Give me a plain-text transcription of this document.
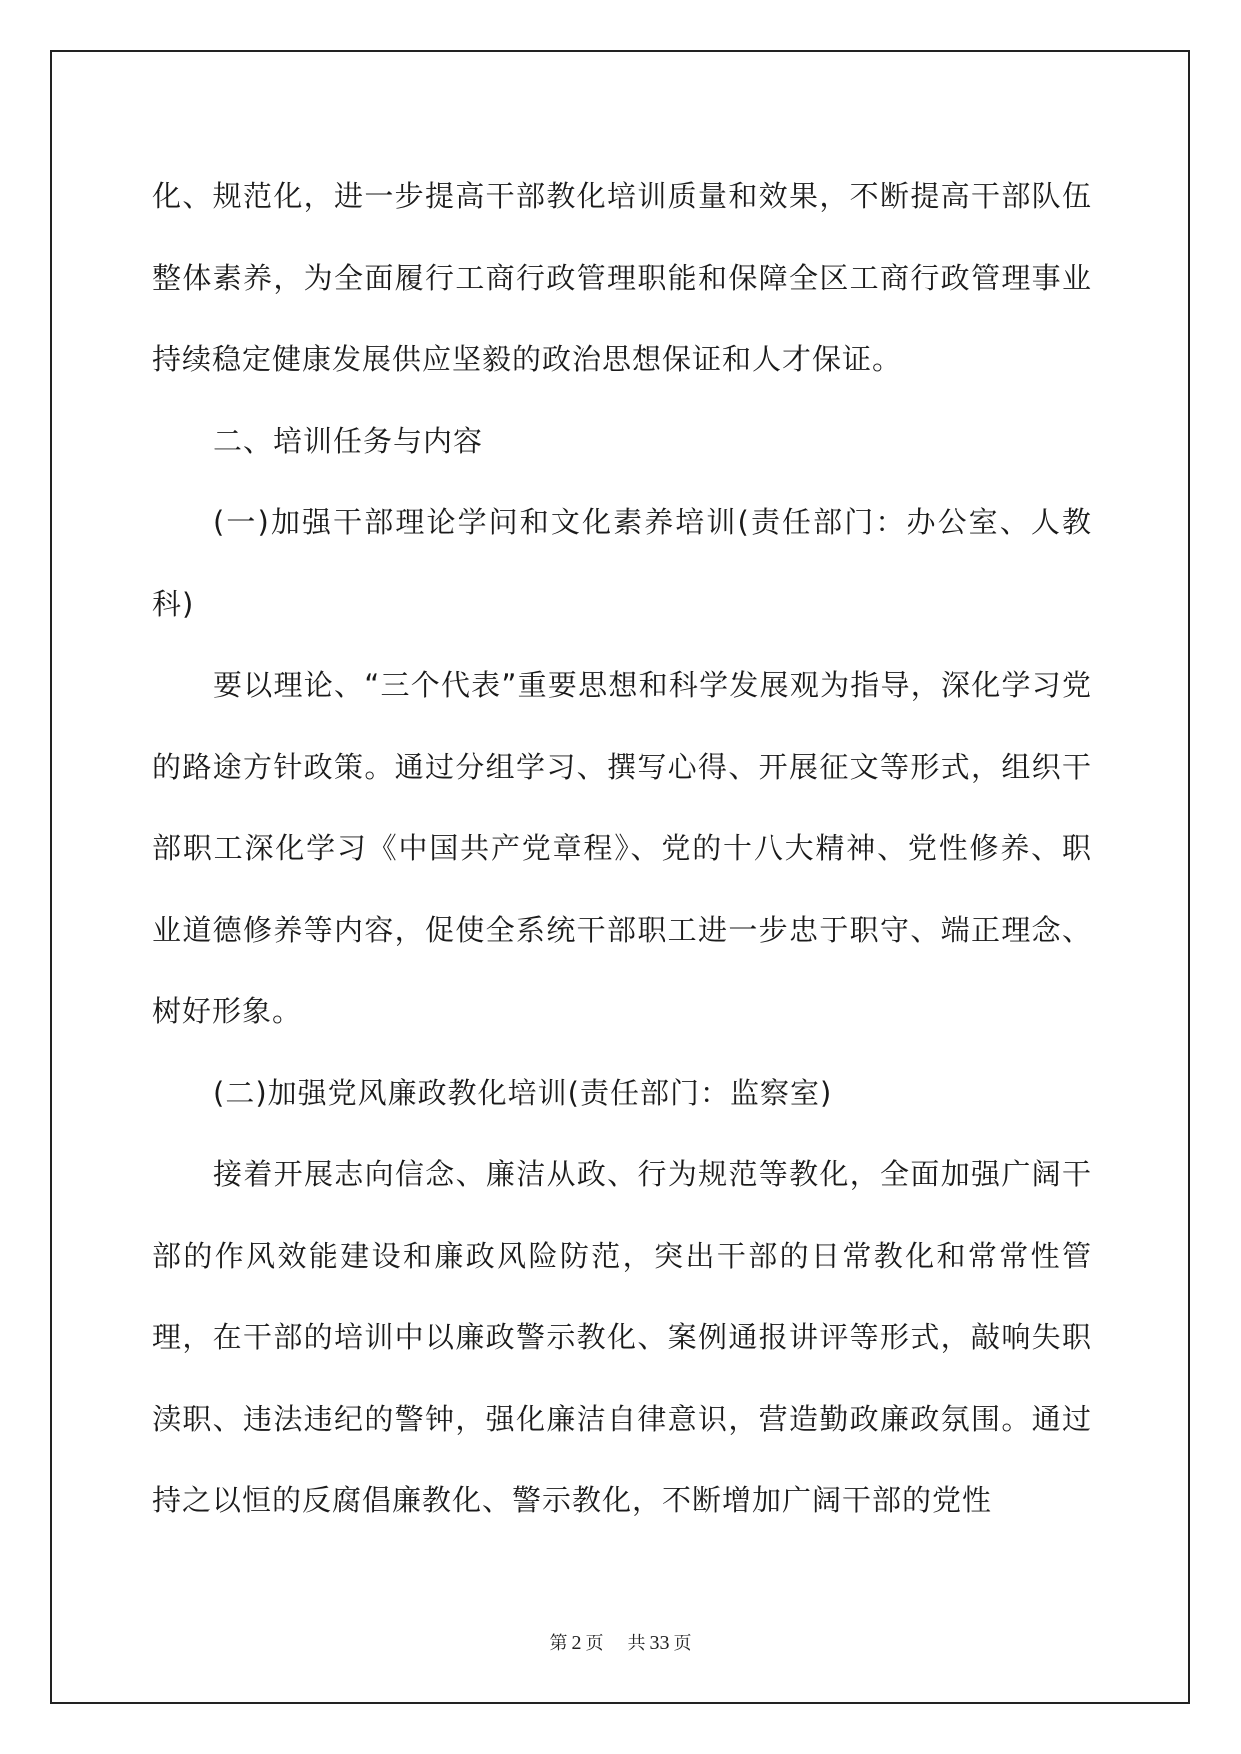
化、规范化，进一步提高干部教化培训质量和效果，不断提高干部队伍整体素养，为全面履行工商行政管理职能和保障全区工商行政管理事业持续稳定健康发展供应坚毅的政治思想保证和人才保证。

二、培训任务与内容

(一)加强干部理论学问和文化素养培训(责任部门：办公室、人教科)

要以理论、“三个代表”重要思想和科学发展观为指导，深化学习党的路途方针政策。通过分组学习、撰写心得、开展征文等形式，组织干部职工深化学习《中国共产党章程》、党的十八大精神、党性修养、职业道德修养等内容，促使全系统干部职工进一步忠于职守、端正理念、树好形象。

(二)加强党风廉政教化培训(责任部门：监察室)

接着开展志向信念、廉洁从政、行为规范等教化，全面加强广阔干部的作风效能建设和廉政风险防范，突出干部的日常教化和常常性管理，在干部的培训中以廉政警示教化、案例通报讲评等形式，敲响失职渎职、违法违纪的警钟，强化廉洁自律意识，营造勤政廉政氛围。通过持之以恒的反腐倡廉教化、警示教化，不断增加广阔干部的党性

第 2 页 共 33 页
